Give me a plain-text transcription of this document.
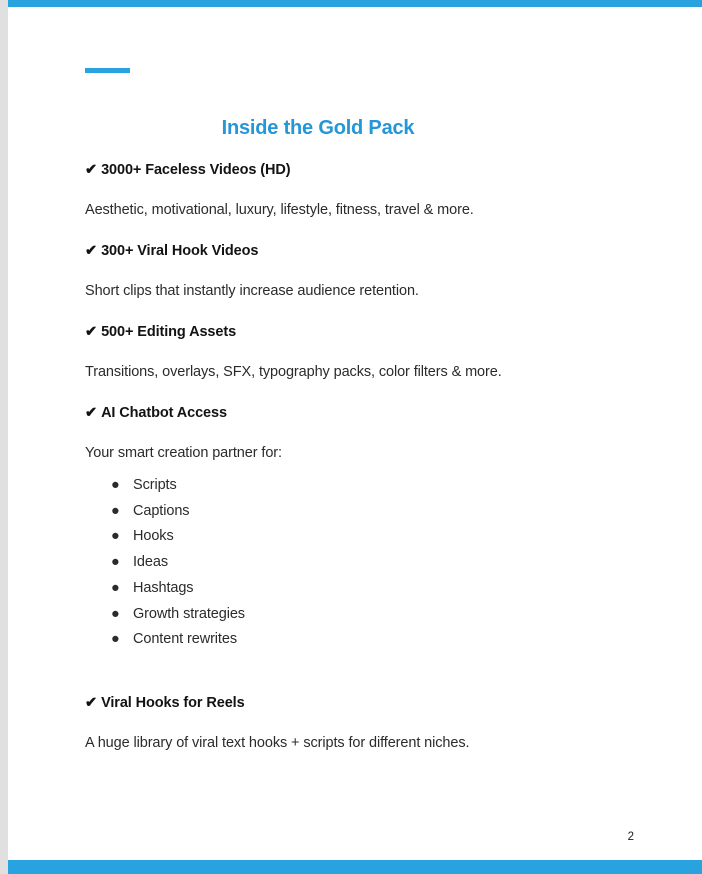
Inside the Gold Pack

✔ 3000+ Faceless Videos (HD)

Aesthetic, motivational, luxury, lifestyle, fitness, travel & more.

✔ 300+ Viral Hook Videos

Short clips that instantly increase audience retention.

✔ 500+ Editing Assets

Transitions, overlays, SFX, typography packs, color filters & more.

✔ AI Chatbot Access

Your smart creation partner for:

● Scripts
● Captions
● Hooks
● Ideas
● Hashtags
● Growth strategies
● Content rewrites

✔ Viral Hooks for Reels

A huge library of viral text hooks + scripts for different niches.

2
